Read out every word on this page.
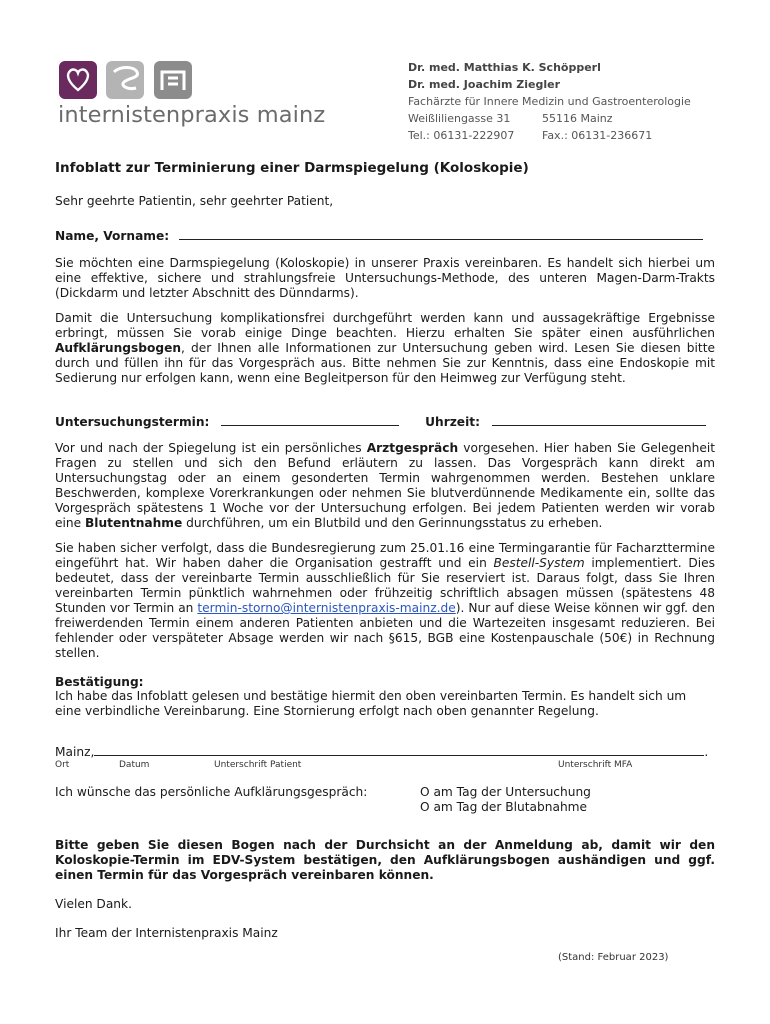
internistenpraxis mainz
Dr. med. Matthias K. Schöpperl
Dr. med. Joachim Ziegler
Fachärzte für Innere Medizin und Gastroenterologie
Weißliliengasse 31	55116 Mainz
Tel.: 06131-222907	Fax.: 06131-236671
Infoblatt zur Terminierung einer Darmspiegelung (Koloskopie)
Sehr geehrte Patientin, sehr geehrter Patient,
Name, Vorname:
Sie möchten eine Darmspiegelung (Koloskopie) in unserer Praxis vereinbaren. Es handelt sich hierbei um eine effektive, sichere und strahlungsfreie Untersuchungs-Methode, des unteren Magen-Darm-Trakts (Dickdarm und letzter Abschnitt des Dünndarms).
Damit die Untersuchung komplikationsfrei durchgeführt werden kann und aussagekräftige Ergebnisse erbringt, müssen Sie vorab einige Dinge beachten. Hierzu erhalten Sie später einen ausführlichen Aufklärungsbogen, der Ihnen alle Informationen zur Untersuchung geben wird. Lesen Sie diesen bitte durch und füllen ihn für das Vorgespräch aus. Bitte nehmen Sie zur Kenntnis, dass eine Endoskopie mit Sedierung nur erfolgen kann, wenn eine Begleitperson für den Heimweg zur Verfügung steht.
Untersuchungstermin:	Uhrzeit:
Vor und nach der Spiegelung ist ein persönliches Arztgespräch vorgesehen. Hier haben Sie Gelegenheit Fragen zu stellen und sich den Befund erläutern zu lassen. Das Vorgespräch kann direkt am Untersuchungstag oder an einem gesonderten Termin wahrgenommen werden. Bestehen unklare Beschwerden, komplexe Vorerkrankungen oder nehmen Sie blutverdünnende Medikamente ein, sollte das Vorgespräch spätestens 1 Woche vor der Untersuchung erfolgen. Bei jedem Patienten werden wir vorab eine Blutentnahme durchführen, um ein Blutbild und den Gerinnungsstatus zu erheben.
Sie haben sicher verfolgt, dass die Bundesregierung zum 25.01.16 eine Termingarantie für Facharzttermine eingeführt hat. Wir haben daher die Organisation gestrafft und ein Bestell-System implementiert. Dies bedeutet, dass der vereinbarte Termin ausschließlich für Sie reserviert ist. Daraus folgt, dass Sie Ihren vereinbarten Termin pünktlich wahrnehmen oder frühzeitig schriftlich absagen müssen (spätestens 48 Stunden vor Termin an termin-storno@internistenpraxis-mainz.de). Nur auf diese Weise können wir ggf. den freiwerdenden Termin einem anderen Patienten anbieten und die Wartezeiten insgesamt reduzieren. Bei fehlender oder verspäteter Absage werden wir nach §615, BGB eine Kostenpauschale (50€) in Rechnung stellen.
Bestätigung:
Ich habe das Infoblatt gelesen und bestätige hiermit den oben vereinbarten Termin. Es handelt sich um eine verbindliche Vereinbarung. Eine Stornierung erfolgt nach oben genannter Regelung.
Mainz,	.
Ort	Datum	Unterschrift Patient	Unterschrift MFA
Ich wünsche das persönliche Aufklärungsgespräch:	O am Tag der Untersuchung
O am Tag der Blutabnahme
Bitte geben Sie diesen Bogen nach der Durchsicht an der Anmeldung ab, damit wir den Koloskopie-Termin im EDV-System bestätigen, den Aufklärungsbogen aushändigen und ggf. einen Termin für das Vorgespräch vereinbaren können.
Vielen Dank.
Ihr Team der Internistenpraxis Mainz
(Stand: Februar 2023)
